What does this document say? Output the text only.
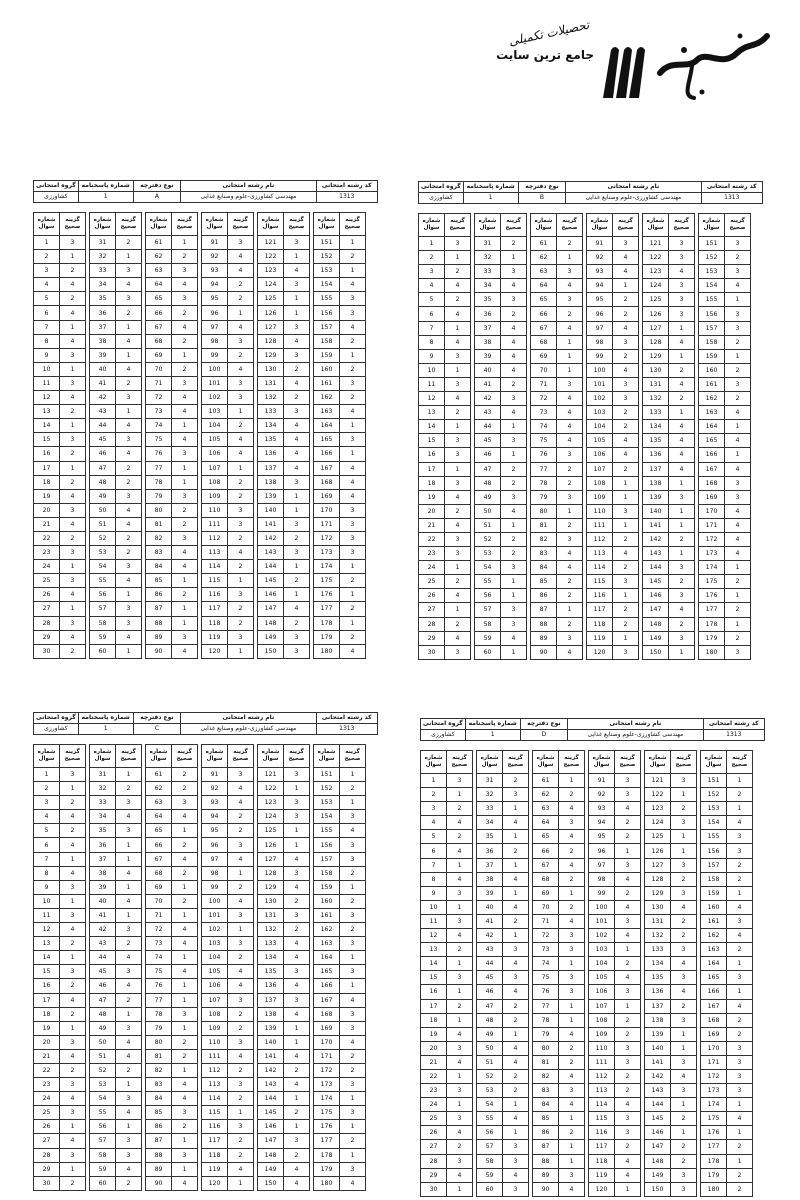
جامع ترین سایت
تحصیلات تکمیلی
کد رشته امتحانی	نام رشته امتحانی	نوع دفترچه	شماره پاسخنامه	گروه امتحانی
1313	مهندسی کشاورزی-علوم وصنایع غذایی	A	1	کشاورزی
شماره سوال	گزینه صحیح
1	3
2	1
3	2
4	4
5	2
6	4
7	1
8	4
9	3
10	1
11	3
12	4
13	2
14	1
15	3
16	2
17	1
18	2
19	4
20	3
21	4
22	2
23	3
24	1
25	3
26	4
27	1
28	3
29	4
30	2
شماره سوال	گزینه صحیح
31	2
32	1
33	3
34	4
35	3
36	2
37	1
38	4
39	1
40	4
41	2
42	3
43	1
44	4
45	3
46	4
47	2
48	2
49	3
50	4
51	4
52	2
53	2
54	3
55	4
56	1
57	3
58	3
59	4
60	1
شماره سوال	گزینه صحیح
61	1
62	2
63	3
64	4
65	3
66	2
67	4
68	2
69	1
70	2
71	3
72	4
73	4
74	1
75	4
76	3
77	1
78	1
79	3
80	2
81	2
82	3
83	4
84	4
85	1
86	2
87	1
88	1
89	3
90	4
شماره سوال	گزینه صحیح
91	3
92	4
93	4
94	2
95	2
96	1
97	4
98	3
99	2
100	4
101	3
102	3
103	1
104	2
105	4
106	4
107	1
108	2
109	2
110	3
111	3
112	2
113	4
114	2
115	1
116	3
117	2
118	2
119	3
120	1
شماره سوال	گزینه صحیح
121	3
122	1
123	4
124	3
125	1
126	1
127	3
128	4
129	3
130	2
131	4
132	2
133	3
134	4
135	4
136	4
137	4
138	3
139	1
140	1
141	3
142	2
143	3
144	1
145	2
146	1
147	4
148	2
149	3
150	3
شماره سوال	گزینه صحیح
151	1
152	2
153	1
154	4
155	3
156	3
157	4
158	2
159	1
160	2
161	3
162	2
163	4
164	1
165	3
166	1
167	4
168	4
169	4
170	3
171	3
172	3
173	3
174	1
175	2
176	1
177	2
178	1
179	2
180	4
کد رشته امتحانی	نام رشته امتحانی	نوع دفترچه	شماره پاسخنامه	گروه امتحانی
1313	مهندسی کشاورزی-علوم وصنایع غذایی	B	1	کشاورزی
شماره سوال	گزینه صحیح
1	3
2	1
3	2
4	4
5	2
6	4
7	1
8	4
9	3
10	1
11	3
12	4
13	2
14	1
15	3
16	3
17	1
18	3
19	4
20	2
21	4
22	3
23	3
24	1
25	2
26	4
27	1
28	2
29	4
30	3
شماره سوال	گزینه صحیح
31	2
32	1
33	3
34	4
35	3
36	2
37	4
38	4
39	4
40	4
41	2
42	3
43	4
44	1
45	3
46	1
47	2
48	2
49	3
50	4
51	1
52	2
53	2
54	3
55	1
56	1
57	3
58	3
59	4
60	1
شماره سوال	گزینه صحیح
61	2
62	1
63	3
64	4
65	3
66	2
67	4
68	1
69	1
70	1
71	3
72	4
73	4
74	4
75	4
76	3
77	2
78	2
79	3
80	1
81	2
82	3
83	4
84	4
85	2
86	2
87	1
88	2
89	3
90	4
شماره سوال	گزینه صحیح
91	3
92	4
93	4
94	1
95	2
96	2
97	4
98	3
99	2
100	4
101	3
102	3
103	2
104	2
105	4
106	4
107	2
108	1
109	1
110	3
111	1
112	2
113	4
114	2
115	3
116	1
117	2
118	2
119	1
120	3
شماره سوال	گزینه صحیح
121	3
122	3
123	4
124	3
125	3
126	3
127	1
128	4
129	1
130	2
131	4
132	2
133	1
134	4
135	4
136	4
137	4
138	1
139	3
140	1
141	1
142	2
143	1
144	3
145	2
146	3
147	4
148	2
149	3
150	1
شماره سوال	گزینه صحیح
151	3
152	2
153	3
154	4
155	1
156	3
157	3
158	2
159	1
160	2
161	3
162	2
163	4
164	1
165	4
166	1
167	4
168	3
169	3
170	4
171	4
172	4
173	4
174	1
175	2
176	1
177	2
178	1
179	2
180	3
کد رشته امتحانی	نام رشته امتحانی	نوع دفترچه	شماره پاسخنامه	گروه امتحانی
1313	مهندسی کشاورزی-علوم وصنایع غذایی	C	1	کشاورزی
شماره سوال	گزینه صحیح
1	3
2	1
3	2
4	4
5	2
6	4
7	1
8	4
9	3
10	1
11	3
12	4
13	2
14	1
15	3
16	2
17	4
18	2
19	1
20	3
21	4
22	2
23	3
24	4
25	3
26	1
27	4
28	3
29	1
30	2
شماره سوال	گزینه صحیح
31	1
32	2
33	3
34	4
35	3
36	1
37	1
38	4
39	1
40	4
41	1
42	3
43	2
44	4
45	3
46	4
47	2
48	1
49	3
50	4
51	4
52	2
53	1
54	3
55	4
56	1
57	3
58	3
59	4
60	2
شماره سوال	گزینه صحیح
61	2
62	2
63	3
64	4
65	1
66	2
67	4
68	2
69	1
70	2
71	1
72	4
73	4
74	1
75	4
76	1
77	1
78	3
79	1
80	2
81	2
82	1
83	4
84	4
85	3
86	2
87	1
88	3
89	1
90	4
شماره سوال	گزینه صحیح
91	3
92	4
93	4
94	2
95	2
96	3
97	4
98	1
99	2
100	4
101	3
102	1
103	3
104	2
105	4
106	4
107	3
108	2
109	2
110	3
111	4
112	2
113	3
114	2
115	1
116	3
117	2
118	2
119	4
120	1
شماره سوال	گزینه صحیح
121	3
122	1
123	3
124	3
125	1
126	1
127	4
128	3
129	4
130	2
131	3
132	2
133	4
134	4
135	3
136	4
137	3
138	4
139	1
140	1
141	4
142	2
143	4
144	1
145	2
146	1
147	3
148	2
149	4
150	4
شماره سوال	گزینه صحیح
151	1
152	2
153	1
154	3
155	4
156	3
157	3
158	2
159	1
160	2
161	3
162	2
163	3
164	1
165	3
166	1
167	4
168	3
169	3
170	4
171	2
172	2
173	3
174	1
175	3
176	1
177	2
178	1
179	3
180	4
کد رشته امتحانی	نام رشته امتحانی	نوع دفترچه	شماره پاسخنامه	گروه امتحانی
1313	مهندسی کشاورزی-علوم وصنایع غذایی	D	1	کشاورزی
شماره سوال	گزینه صحیح
1	3
2	1
3	2
4	4
5	2
6	4
7	1
8	4
9	3
10	1
11	3
12	4
13	2
14	1
15	3
16	1
17	2
18	1
19	4
20	3
21	4
22	1
23	3
24	1
25	3
26	4
27	2
28	3
29	4
30	1
شماره سوال	گزینه صحیح
31	2
32	3
33	1
34	4
35	1
36	2
37	1
38	4
39	1
40	4
41	2
42	1
43	3
44	4
45	3
46	4
47	2
48	2
49	1
50	4
51	4
52	2
53	2
54	1
55	4
56	1
57	3
58	3
59	4
60	3
شماره سوال	گزینه صحیح
61	1
62	2
63	4
64	3
65	4
66	2
67	4
68	2
69	1
70	2
71	4
72	3
73	3
74	1
75	3
76	3
77	1
78	1
79	4
80	2
81	2
82	4
83	3
84	4
85	1
86	2
87	1
88	1
89	3
90	4
شماره سوال	گزینه صحیح
91	3
92	3
93	4
94	2
95	2
96	1
97	3
98	4
99	2
100	4
101	3
102	4
103	1
104	2
105	4
106	3
107	1
108	2
109	2
110	3
111	3
112	2
113	2
114	4
115	3
116	3
117	2
118	4
119	4
120	1
شماره سوال	گزینه صحیح
121	3
122	1
123	2
124	3
125	1
126	1
127	3
128	2
129	3
130	4
131	2
132	2
133	3
134	4
135	3
136	4
137	2
138	3
139	1
140	1
141	3
142	4
143	3
144	1
145	2
146	1
147	2
148	2
149	3
150	3
شماره سوال	گزینه صحیح
151	1
152	2
153	1
154	4
155	3
156	3
157	2
158	2
159	1
160	4
161	3
162	4
163	2
164	1
165	3
166	1
167	4
168	2
169	2
170	3
171	3
172	3
173	3
174	1
175	4
176	1
177	2
178	1
179	2
180	2
